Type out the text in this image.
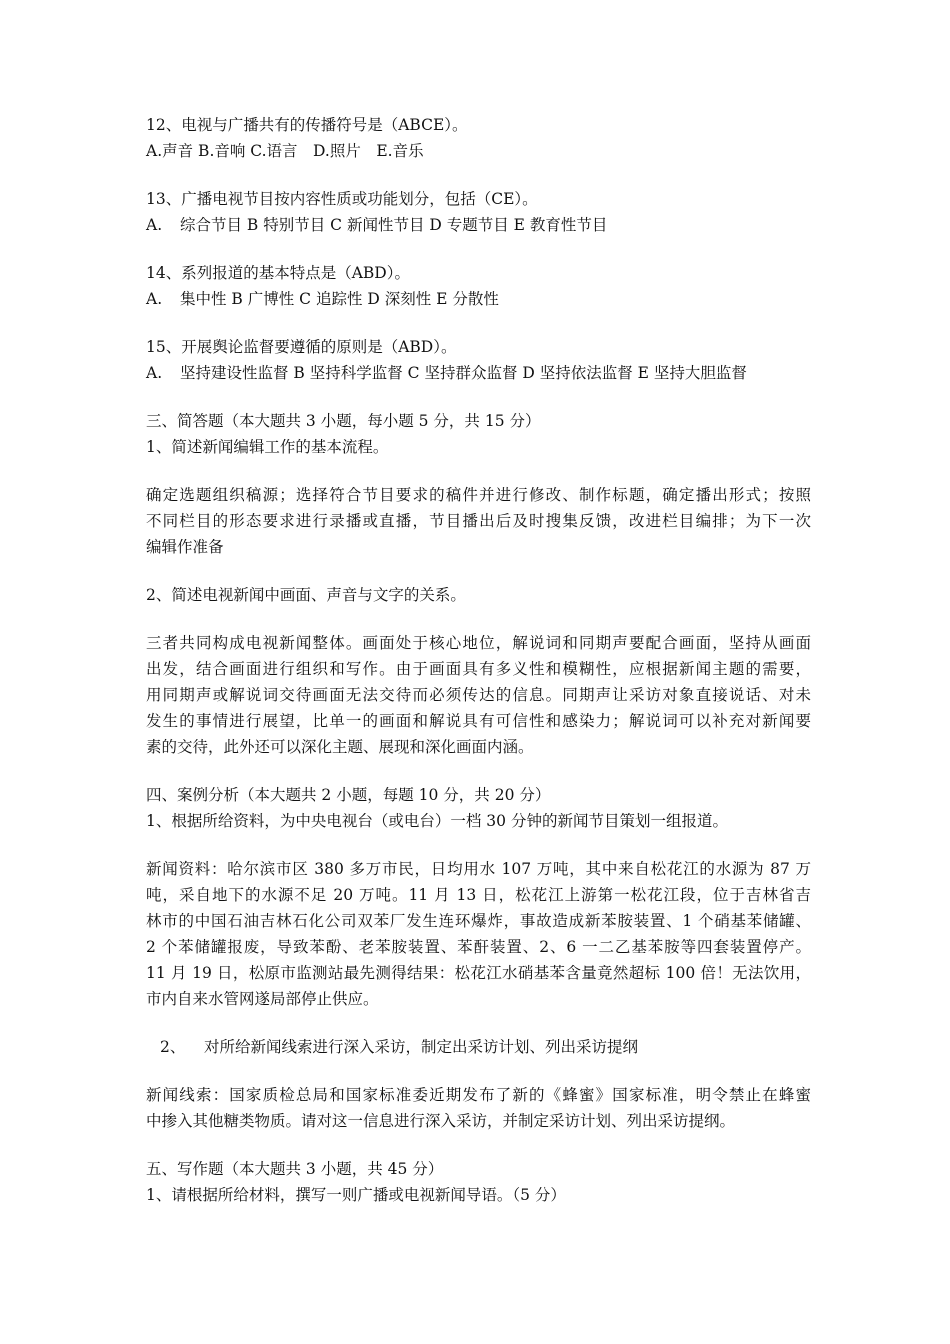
12、电视与广播共有的传播符号是（ABCE）。
A.声音 B.音响 C.语言　D.照片　E.音乐
13、广播电视节目按内容性质或功能划分，包括（CE）。
A. 综合节目 B 特别节目 C 新闻性节目 D 专题节目 E 教育性节目
14、系列报道的基本特点是（ABD）。
A. 集中性 B 广博性 C 追踪性 D 深刻性 E 分散性
15、开展舆论监督要遵循的原则是（ABD）。
A. 坚持建设性监督 B 坚持科学监督 C 坚持群众监督 D 坚持依法监督 E 坚持大胆监督
三、简答题（本大题共 3 小题，每小题 5 分，共 15 分）
1、简述新闻编辑工作的基本流程。
确定选题组织稿源；选择符合节目要求的稿件并进行修改、制作标题，确定播出形式；按照
不同栏目的形态要求进行录播或直播，节目播出后及时搜集反馈，改进栏目编排；为下一次
编辑作准备
2、简述电视新闻中画面、声音与文字的关系。
三者共同构成电视新闻整体。画面处于核心地位，解说词和同期声要配合画面，坚持从画面
出发，结合画面进行组织和写作。由于画面具有多义性和模糊性，应根据新闻主题的需要，
用同期声或解说词交待画面无法交待而必须传达的信息。同期声让采访对象直接说话、对未
发生的事情进行展望，比单一的画面和解说具有可信性和感染力；解说词可以补充对新闻要
素的交待，此外还可以深化主题、展现和深化画面内涵。
四、案例分析（本大题共 2 小题，每题 10 分，共 20 分）
1、根据所给资料，为中央电视台（或电台）一档 30 分钟的新闻节目策划一组报道。
新闻资料：哈尔滨市区 380 多万市民，日均用水 107 万吨，其中来自松花江的水源为 87 万
吨，采自地下的水源不足 20 万吨。11 月 13 日，松花江上游第一松花江段，位于吉林省吉
林市的中国石油吉林石化公司双苯厂发生连环爆炸，事故造成新苯胺装置、1 个硝基苯储罐、
2 个苯储罐报废，导致苯酚、老苯胺装置、苯酐装置、2、6 一二乙基苯胺等四套装置停产。
11 月 19 日，松原市监测站最先测得结果：松花江水硝基苯含量竟然超标 100 倍！无法饮用，
市内自来水管网遂局部停止供应。
2、 对所给新闻线索进行深入采访，制定出采访计划、列出采访提纲
新闻线索：国家质检总局和国家标准委近期发布了新的《蜂蜜》国家标准，明令禁止在蜂蜜
中掺入其他糖类物质。请对这一信息进行深入采访，并制定采访计划、列出采访提纲。
五、写作题（本大题共 3 小题，共 45 分）
1、请根据所给材料，撰写一则广播或电视新闻导语。（5 分）
